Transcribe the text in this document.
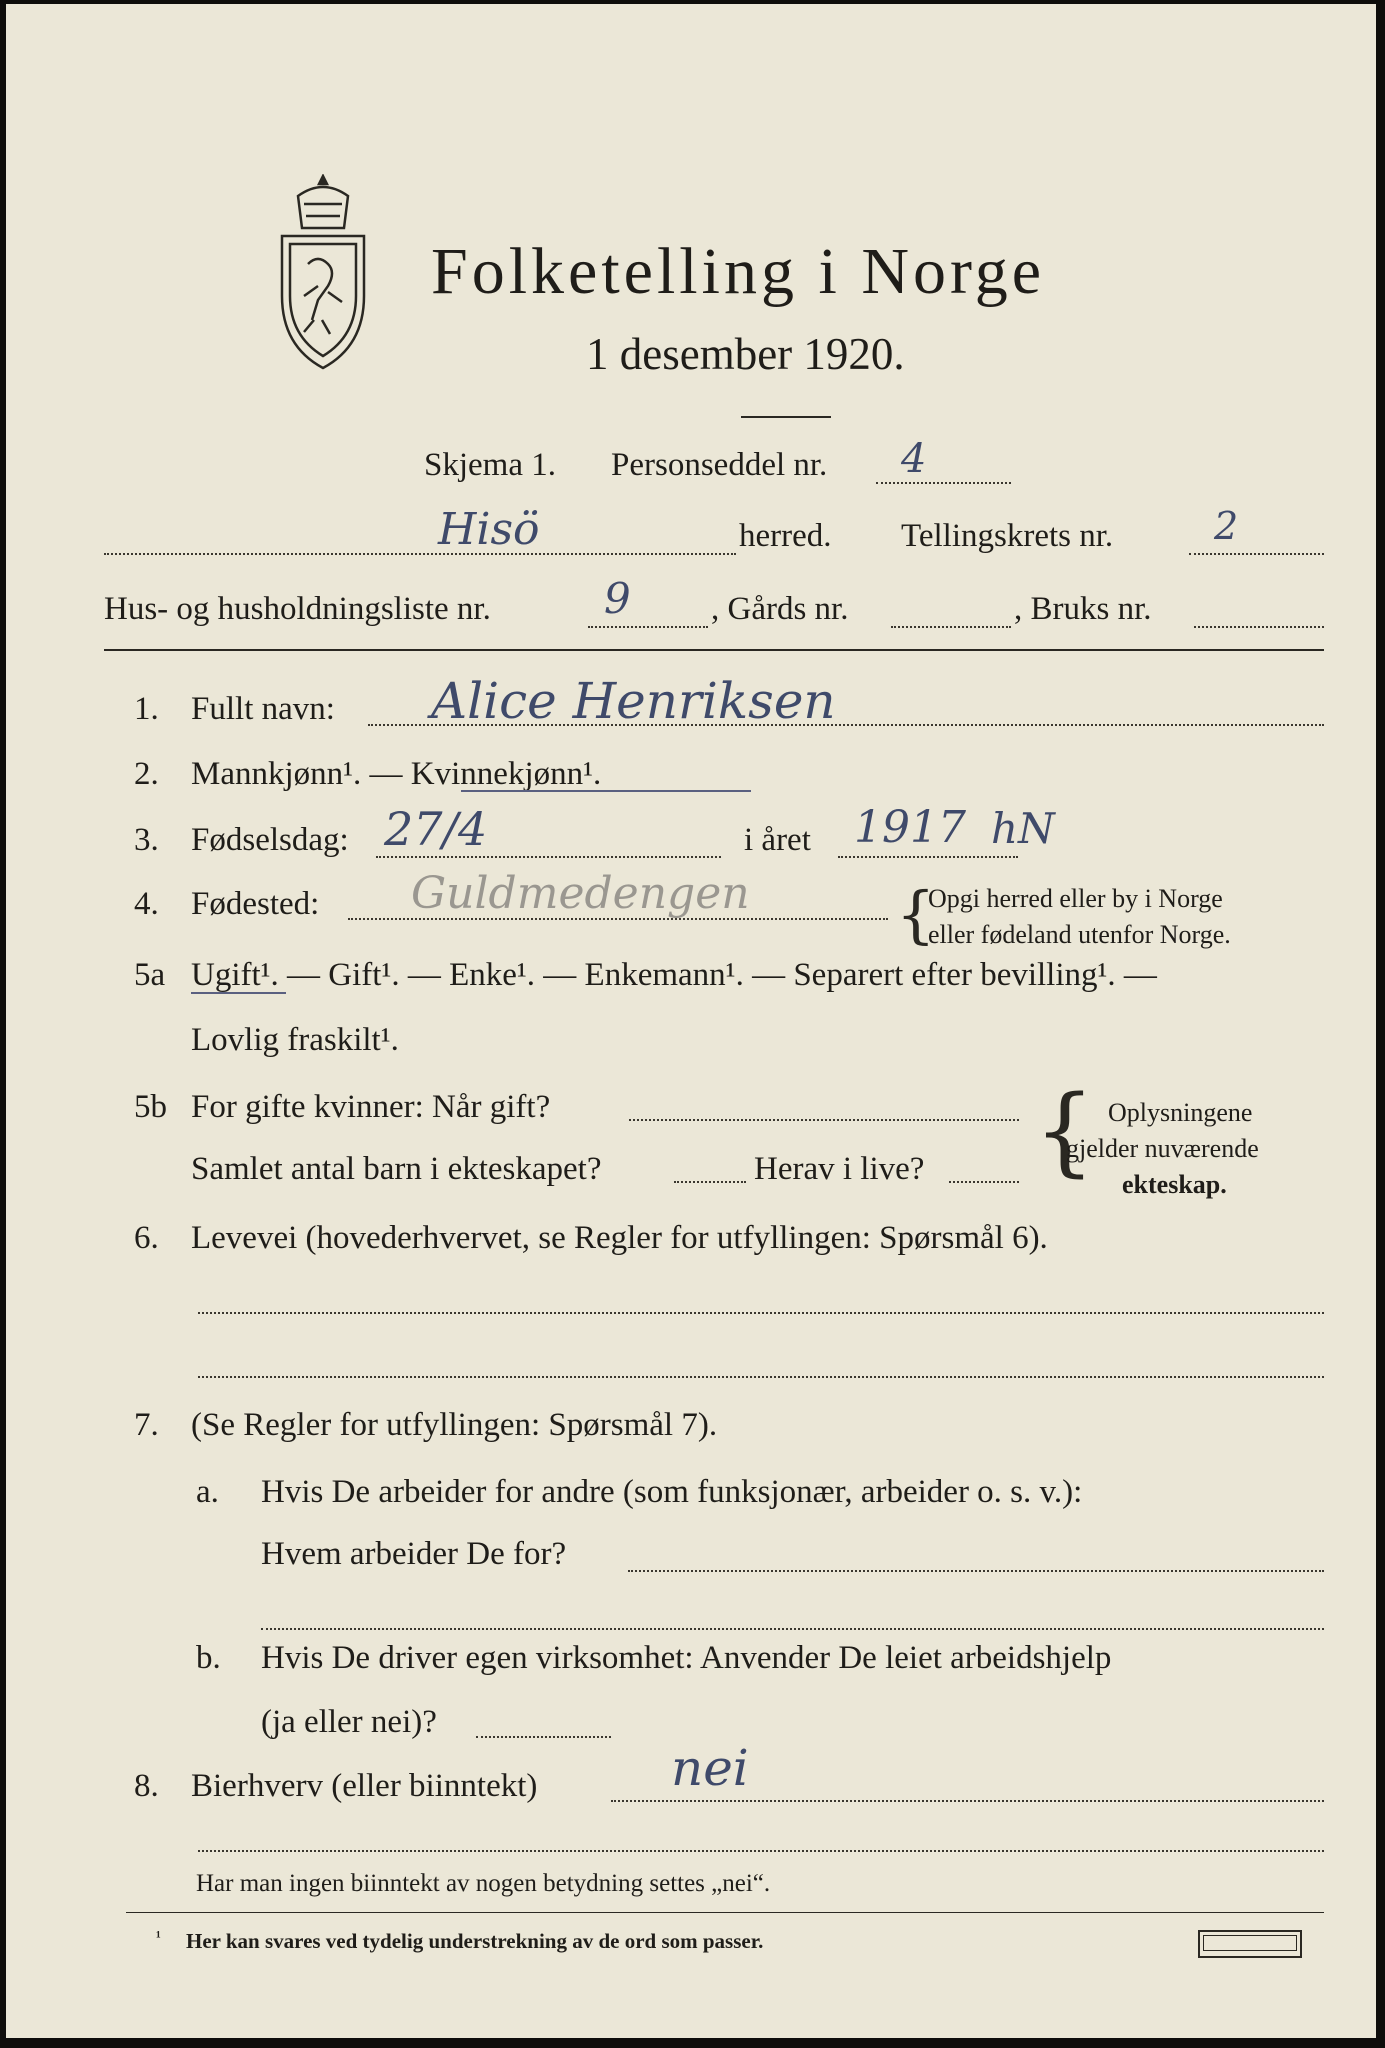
Folketelling i Norge
1 desember 1920.
Skjema 1. Personseddel nr. 4
Hisö	herred. Tellingskrets nr.	2
Hus- og husholdningsliste nr.	9 , Gårds nr.	, Bruks nr.
1. Fullt navn: Alice Henriksen
2. Mannkjønn¹. — Kvinnekjønn¹.
3. Fødselsdag: 27/4	i året 1917 hN
4. Fødested: Guldmedengen {
Opgi herred eller by i Norge
eller fødeland utenfor Norge.
5a Ugift¹. — Gift¹. — Enke¹. — Enkemann¹. — Separert efter bevilling¹. —
Lovlig fraskilt¹.
5b For gifte kvinner: Når gift?
Samlet antal barn i ekteskapet?	Herav i live? { Oplysningene
gjelder nuværende
ekteskap.
6. Levevei (hovederhvervet, se Regler for utfyllingen: Spørsmål 6).
7. (Se Regler for utfyllingen: Spørsmål 7).
a. Hvis De arbeider for andre (som funksjonær, arbeider o. s. v.):
Hvem arbeider De for?
b. Hvis De driver egen virksomhet: Anvender De leiet arbeidshjelp
(ja eller nei)?
8. Bierhverv (eller biinntekt)	nei
Har man ingen biinntekt av nogen betydning settes „nei“.
¹ Her kan svares ved tydelig understrekning av de ord som passer.
